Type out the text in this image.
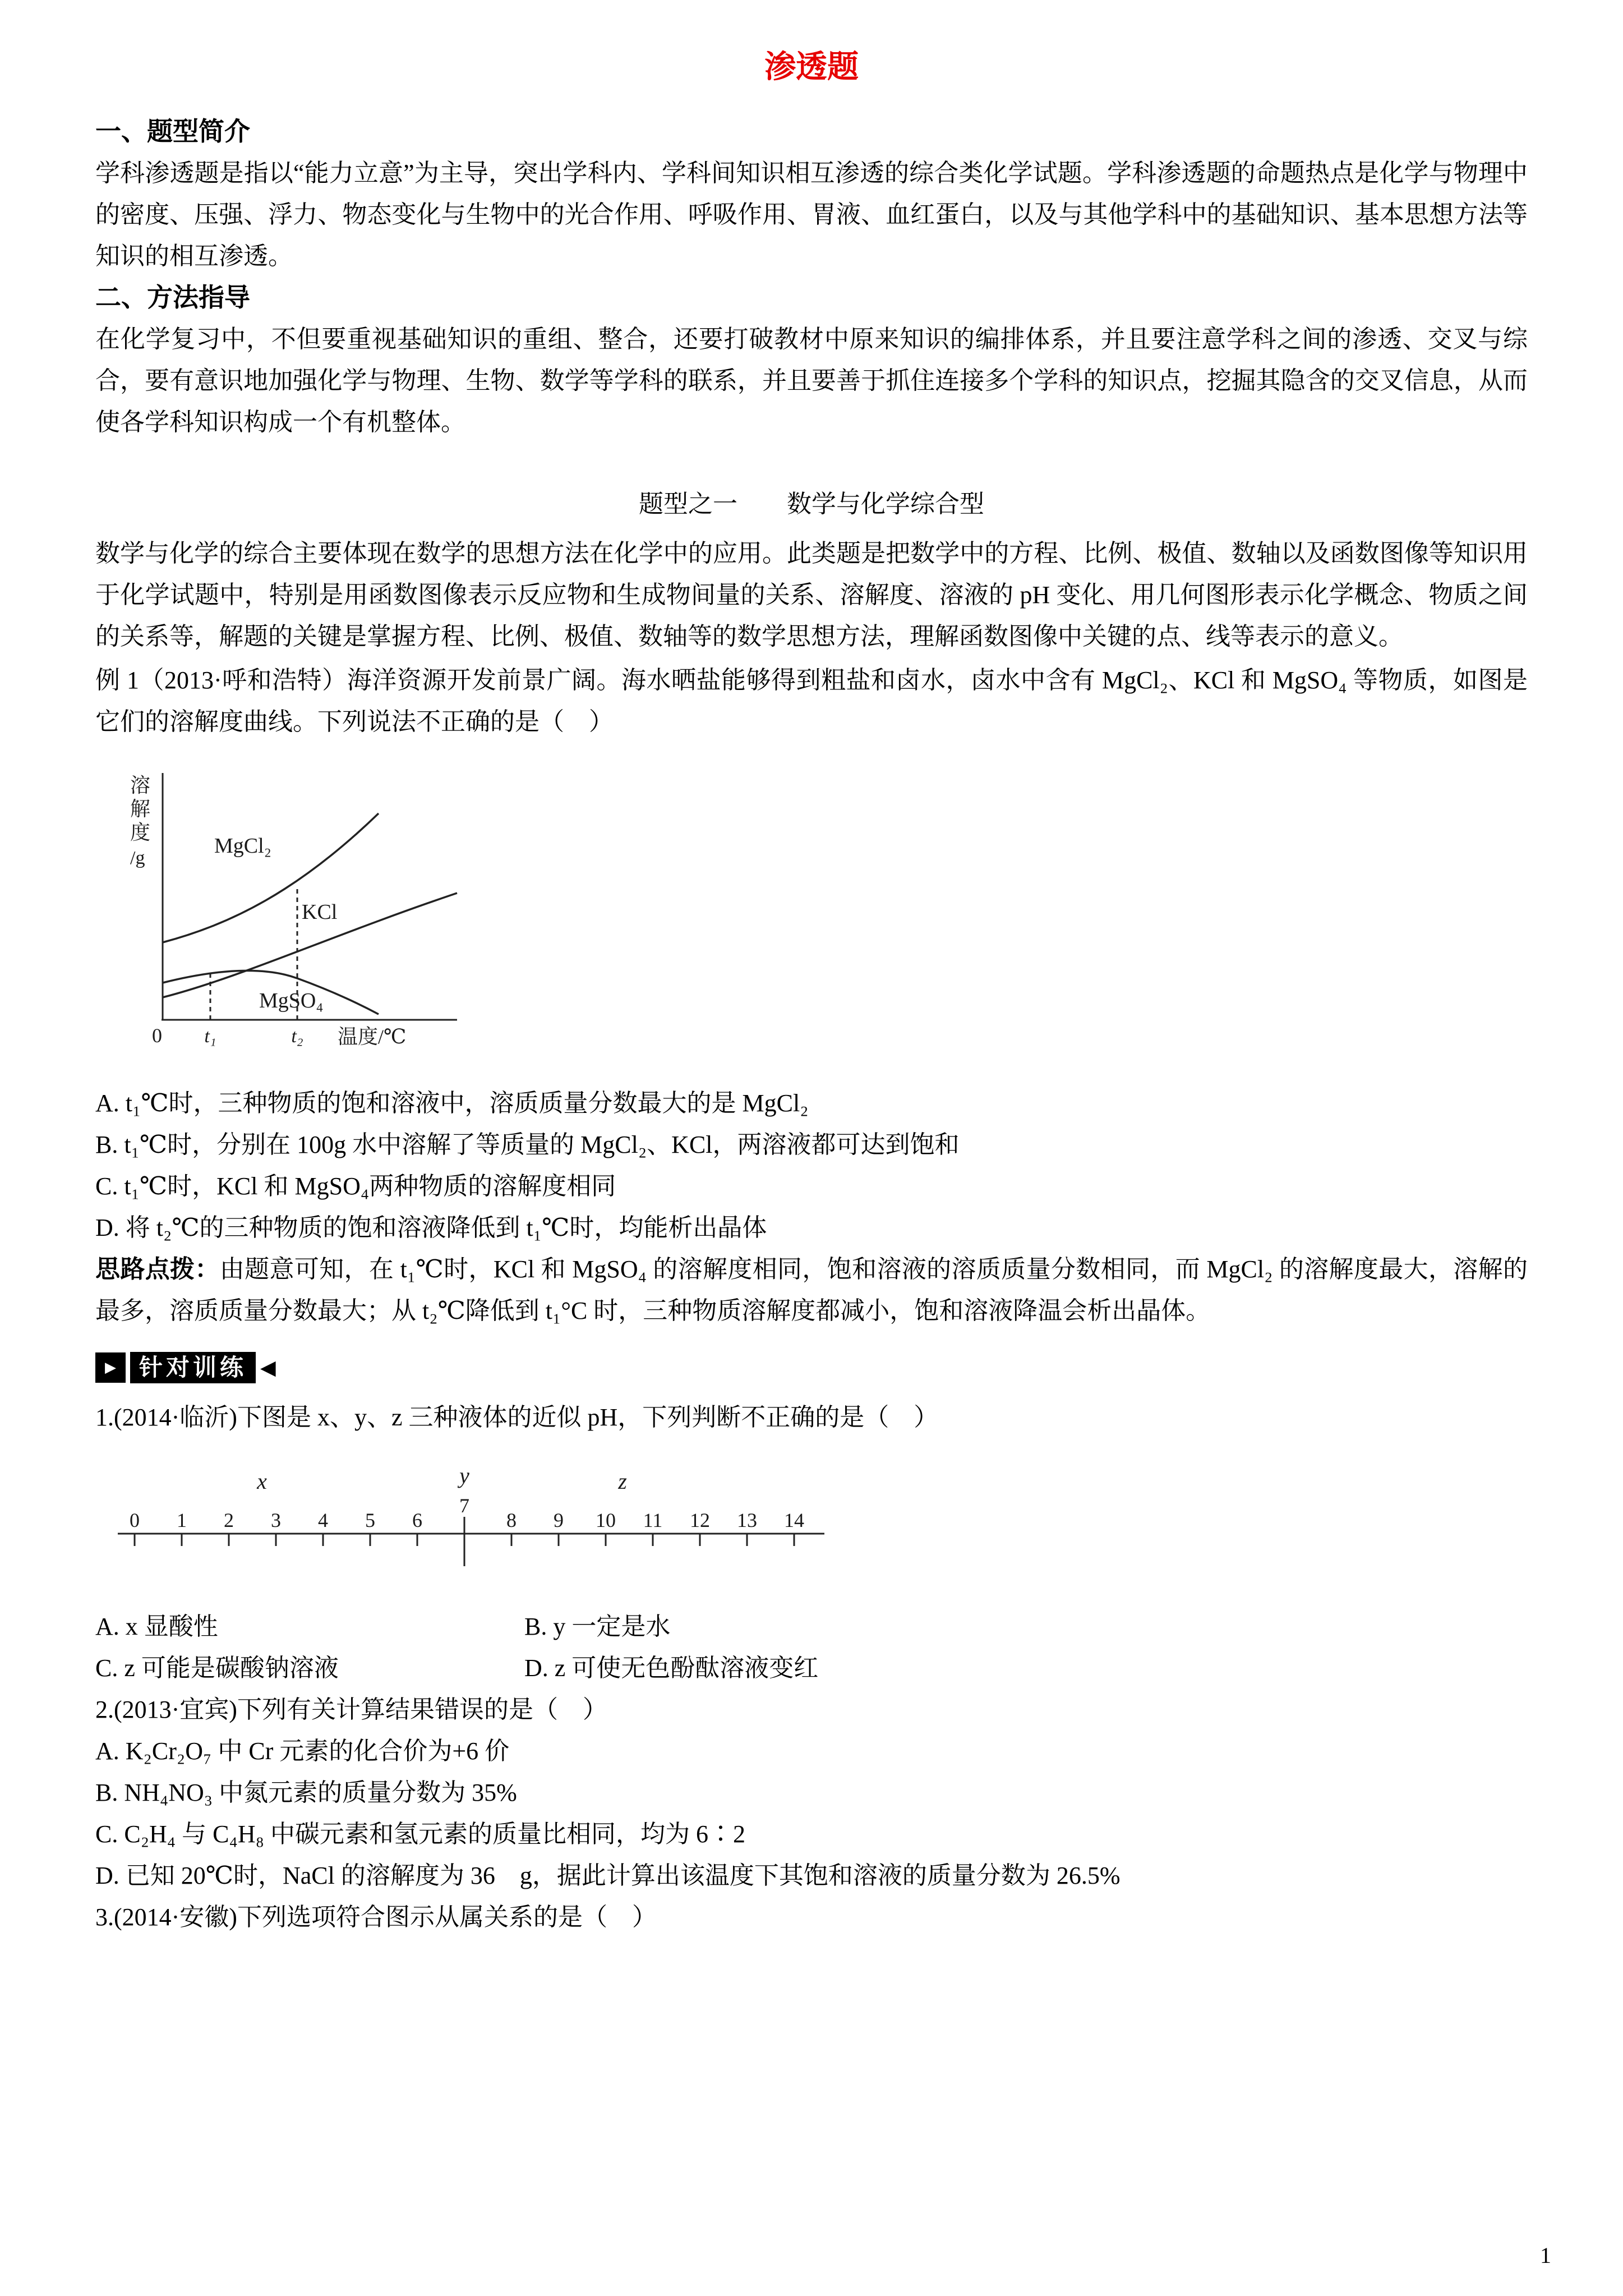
渗透题
一、题型简介

学科渗透题是指以“能力立意”为主导，突出学科内、学科间知识相互渗透的综合类化学试题。学科渗透题的命题热点是化学与物理中的密度、压强、浮力、物态变化与生物中的光合作用、呼吸作用、胃液、血红蛋白，以及与其他学科中的基础知识、基本思想方法等知识的相互渗透。

二、方法指导

在化学复习中，不但要重视基础知识的重组、整合，还要打破教材中原来知识的编排体系，并且要注意学科之间的渗透、交叉与综合，要有意识地加强化学与物理、生物、数学等学科的联系，并且要善于抓住连接多个学科的知识点，挖掘其隐含的交叉信息，从而使各学科知识构成一个有机整体。

题型之一　　数学与化学综合型

数学与化学的综合主要体现在数学的思想方法在化学中的应用。此类题是把数学中的方程、比例、极值、数轴以及函数图像等知识用于化学试题中，特别是用函数图像表示反应物和生成物间量的关系、溶解度、溶液的 pH 变化、用几何图形表示化学概念、物质之间的关系等，解题的关键是掌握方程、比例、极值、数轴等的数学思想方法，理解函数图像中关键的点、线等表示的意义。

例 1（2013·呼和浩特）海洋资源开发前景广阔。海水晒盐能够得到粗盐和卤水，卤水中含有 MgCl₂、KCl 和 MgSO₄ 等物质，如图是它们的溶解度曲线。下列说法不正确的是（　）

溶
解
度
/g
MgCl₂
KCl
MgSO₄
0 t₁	t₂ 温度/℃
A. t₁℃时，三种物质的饱和溶液中，溶质质量分数最大的是 MgCl₂
B. t₁℃时，分别在 100g 水中溶解了等质量的 MgCl₂、KCl，两溶液都可达到饱和
C. t₁℃时，KCl 和 MgSO₄两种物质的溶解度相同
D. 将 t₂℃的三种物质的饱和溶液降低到 t₁℃时，均能析出晶体

思路点拨：由题意可知，在 t₁℃时，KCl 和 MgSO₄ 的溶解度相同，饱和溶液的溶质质量分数相同，而 MgCl₂ 的溶解度最大，溶解的最多，溶质质量分数最大；从 t₂℃降低到 t₁°C 时，三种物质溶解度都减小，饱和溶液降温会析出晶体。

▶ 针对训练 ◀
1.(2014·临沂)下图是 x、y、z 三种液体的近似 pH，下列判断不正确的是（　）
x	y	z
7
0 1 2 3 4 5 6	8 9 10 11 12 13 14
A. x 显酸性	B. y 一定是水
C. z 可能是碳酸钠溶液	D. z 可使无色酚酞溶液变红
2.(2013·宜宾)下列有关计算结果错误的是（　）
A. K₂Cr₂O₇ 中 Cr 元素的化合价为+6 价
B. NH₄NO₃ 中氮元素的质量分数为 35%
C. C₂H₄ 与 C₄H₈ 中碳元素和氢元素的质量比相同，均为 6∶2
D. 已知 20℃时，NaCl 的溶解度为 36　g，据此计算出该温度下其饱和溶液的质量分数为 26.5%
3.(2014·安徽)下列选项符合图示从属关系的是（　）
1
